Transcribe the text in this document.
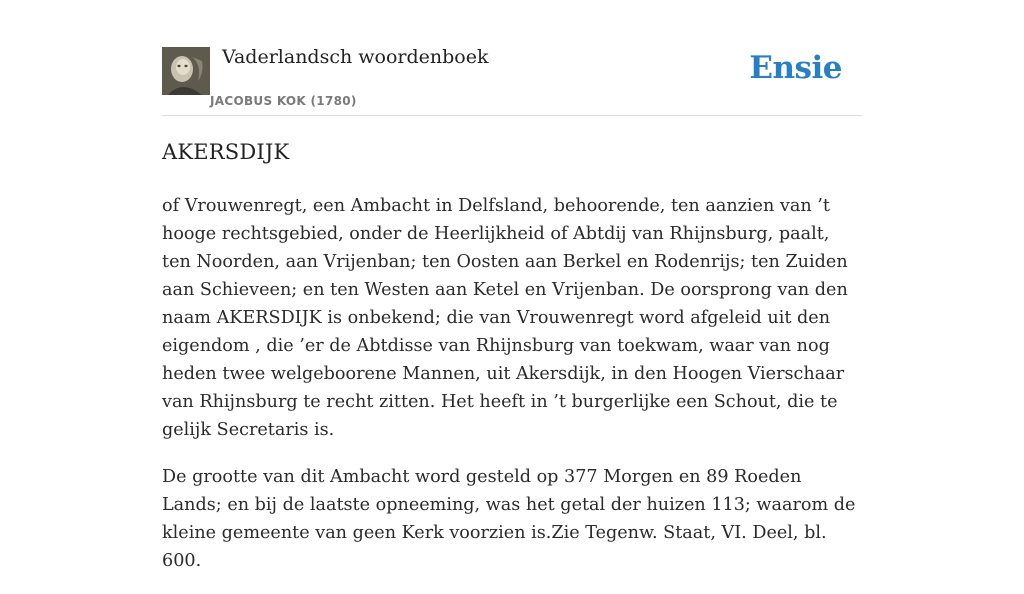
Vaderlandsch woordenboek
JACOBUS KOK (1780)
Ensie
AKERSDIJK

of Vrouwenregt, een Ambacht in Delfsland, behoorende, ten aanzien van ’t hooge rechtsgebied, onder de Heerlijkheid of Abtdij van Rhijnsburg, paalt, ten Noorden, aan Vrijenban; ten Oosten aan Berkel en Rodenrijs; ten Zuiden aan Schieveen; en ten Westen aan Ketel en Vrijenban. De oorsprong van den naam AKERSDIJK is onbekend; die van Vrouwenregt word afgeleid uit den eigendom , die ’er de Abtdisse van Rhijnsburg van toekwam, waar van nog heden twee welgeboorene Mannen, uit Akersdijk, in den Hoogen Vierschaar van Rhijnsburg te recht zitten. Het heeft in ’t burgerlijke een Schout, die te gelijk Secretaris is.

De grootte van dit Ambacht word gesteld op 377 Morgen en 89 Roeden Lands; en bij de laatste opneeming, was het getal der huizen 113; waarom de kleine gemeente van geen Kerk voorzien is.Zie Tegenw. Staat, VI. Deel, bl. 600.
